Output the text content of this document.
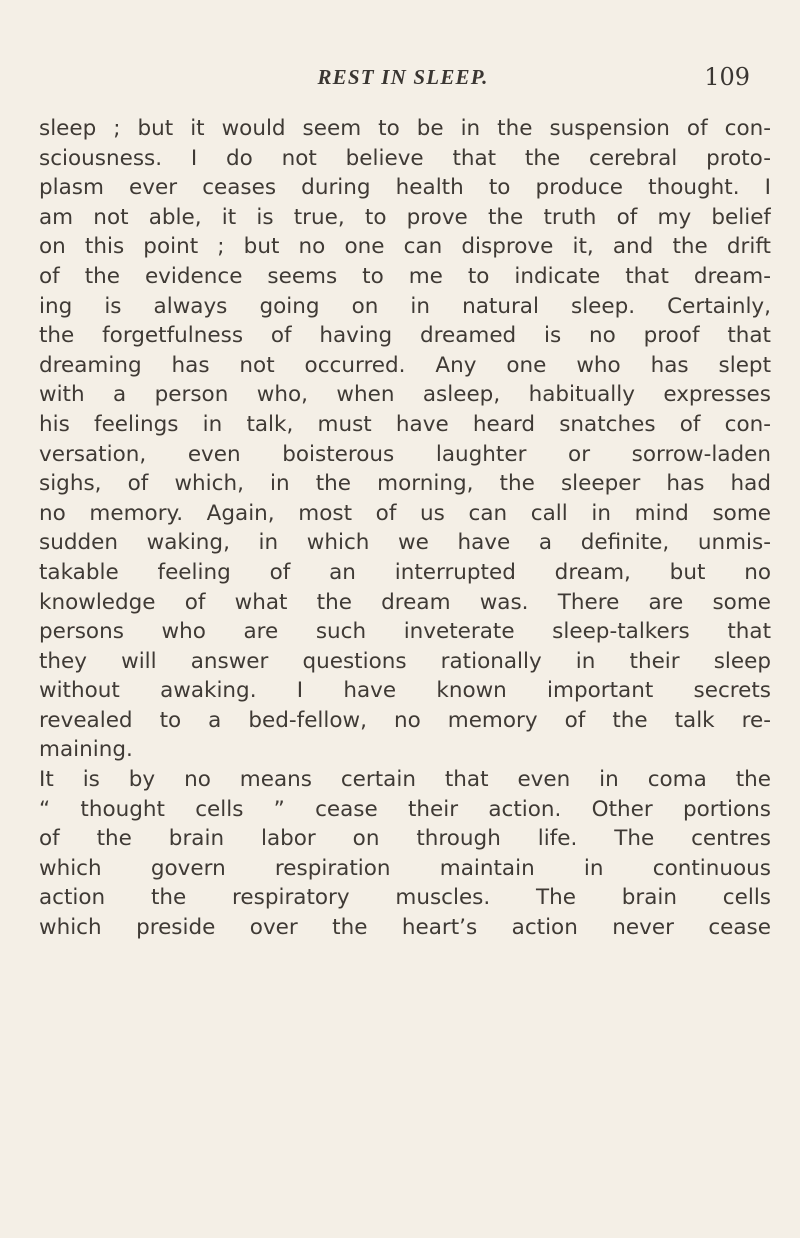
REST IN SLEEP.	109
sleep ; but it would seem to be in the suspension of con-
sciousness. I do not believe that the cerebral proto-
plasm ever ceases during health to produce thought. I
am not able, it is true, to prove the truth of my belief
on this point ; but no one can disprove it, and the drift
of the evidence seems to me to indicate that dream-
ing is always going on in natural sleep. Certainly,
the forgetfulness of having dreamed is no proof that
dreaming has not occurred. Any one who has slept
with a person who, when asleep, habitually expresses
his feelings in talk, must have heard snatches of con-
versation, even boisterous laughter or sorrow-laden
sighs, of which, in the morning, the sleeper has had
no memory. Again, most of us can call in mind some
sudden waking, in which we have a definite, unmis-
takable feeling of an interrupted dream, but no
knowledge of what the dream was. There are some
persons who are such inveterate sleep-talkers that
they will answer questions rationally in their sleep
without awaking. I have known important secrets
revealed to a bed-fellow, no memory of the talk re-
maining.
It is by no means certain that even in coma the
“ thought cells ” cease their action. Other portions
of the brain labor on through life. The centres
which govern respiration maintain in continuous
action the respiratory muscles. The brain cells
which preside over the heart’s action never cease
